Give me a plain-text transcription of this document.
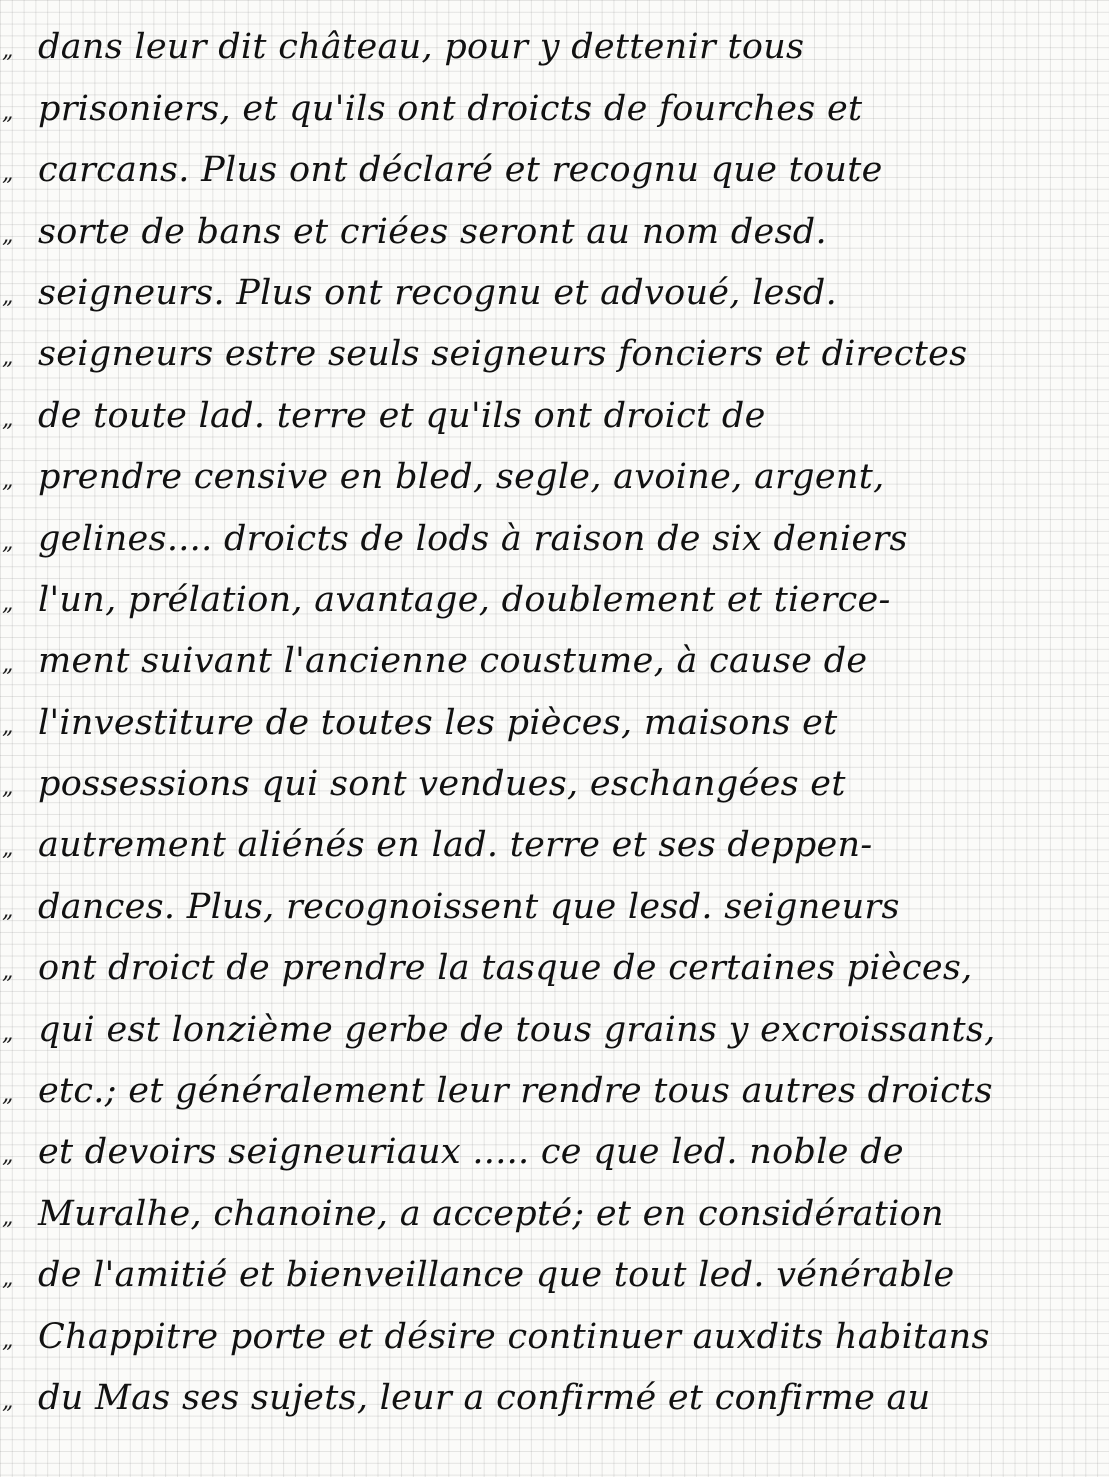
„ dans leur dit château, pour y dettenir tous
„ prisoniers, et qu'ils ont droicts de fourches et
„ carcans. Plus ont déclaré et recognu que toute
„ sorte de bans et criées seront au nom desd.
„ seigneurs. Plus ont recognu et advoué, lesd.
„ seigneurs estre seuls seigneurs fonciers et directes
„ de toute lad. terre et qu'ils ont droict de
„ prendre censive en bled, segle, avoine, argent,
„ gelines.... droicts de lods à raison de six deniers
„ l'un, prélation, avantage, doublement et tierce-
„ ment suivant l'ancienne coustume, à cause de
„ l'investiture de toutes les pièces, maisons et
„ possessions qui sont vendues, eschangées et
„ autrement aliénés en lad. terre et ses deppen-
„ dances. Plus, recognoissent que lesd. seigneurs
„ ont droict de prendre la tasque de certaines pièces,
„ qui est lonzième gerbe de tous grains y excroissants,
„ etc.; et généralement leur rendre tous autres droicts
„ et devoirs seigneuriaux ..... ce que led. noble de
„ Muralhe, chanoine, a accepté; et en considération
„ de l'amitié et bienveillance que tout led. vénérable
„ Chappitre porte et désire continuer auxdits habitans
„ du Mas ses sujets, leur a confirmé et confirme au
